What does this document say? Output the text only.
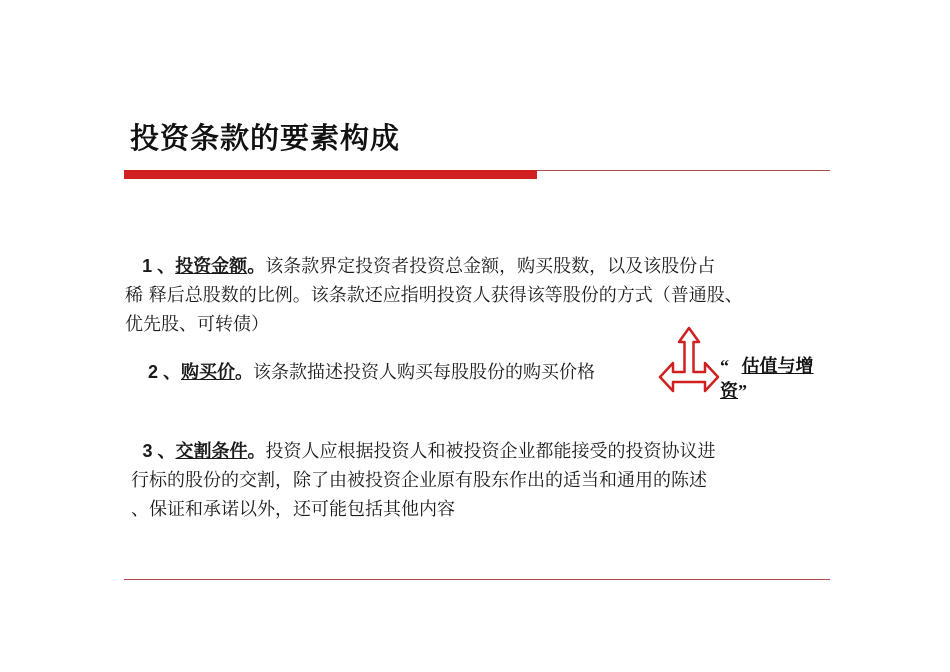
投资条款的要素构成
1 、投资金额。该条款界定投资者投资总金额，购买股数，以及该股份占
稀 释后总股数的比例。该条款还应指明投资人获得该等股份的方式（普通股、
优先股、可转债）
2 、购买价。该条款描述投资人购买每股股份的购买价格
3 、交割条件。投资人应根据投资人和被投资企业都能接受的投资协议进
行标的股份的交割，除了由被投资企业原有股东作出的适当和通用的陈述
、保证和承诺以外，还可能包括其他内容
“ 估值与增
资”
